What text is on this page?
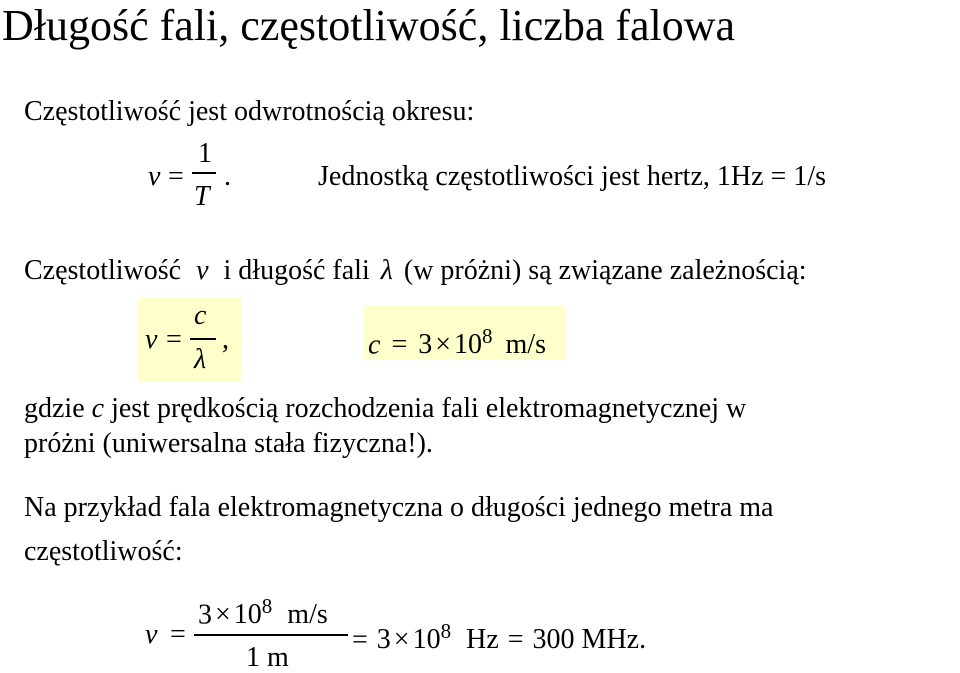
Długość fali, częstotliwość, liczba falowa
Częstotliwość jest odwrotnością okresu:
ν =
1
T
.	Jednostką częstotliwości jest hertz, 1Hz = 1/s
Częstotliwość ν i długość fali λ (w próżni) są związane zależnością:
ν =
c
λ
,	$c = 3 \times 10^8$ m/s
gdzie c jest prędkością rozchodzenia fali elektromagnetycznej w
próżni (uniwersalna stała fizyczna!).
Na przykład fala elektromagnetyczna o długości jednego metra ma
częstotliwość:
ν =
$3 \times 10^8$ m/s
1 m
= $3 \times 10^8$ Hz = 300 MHz.
